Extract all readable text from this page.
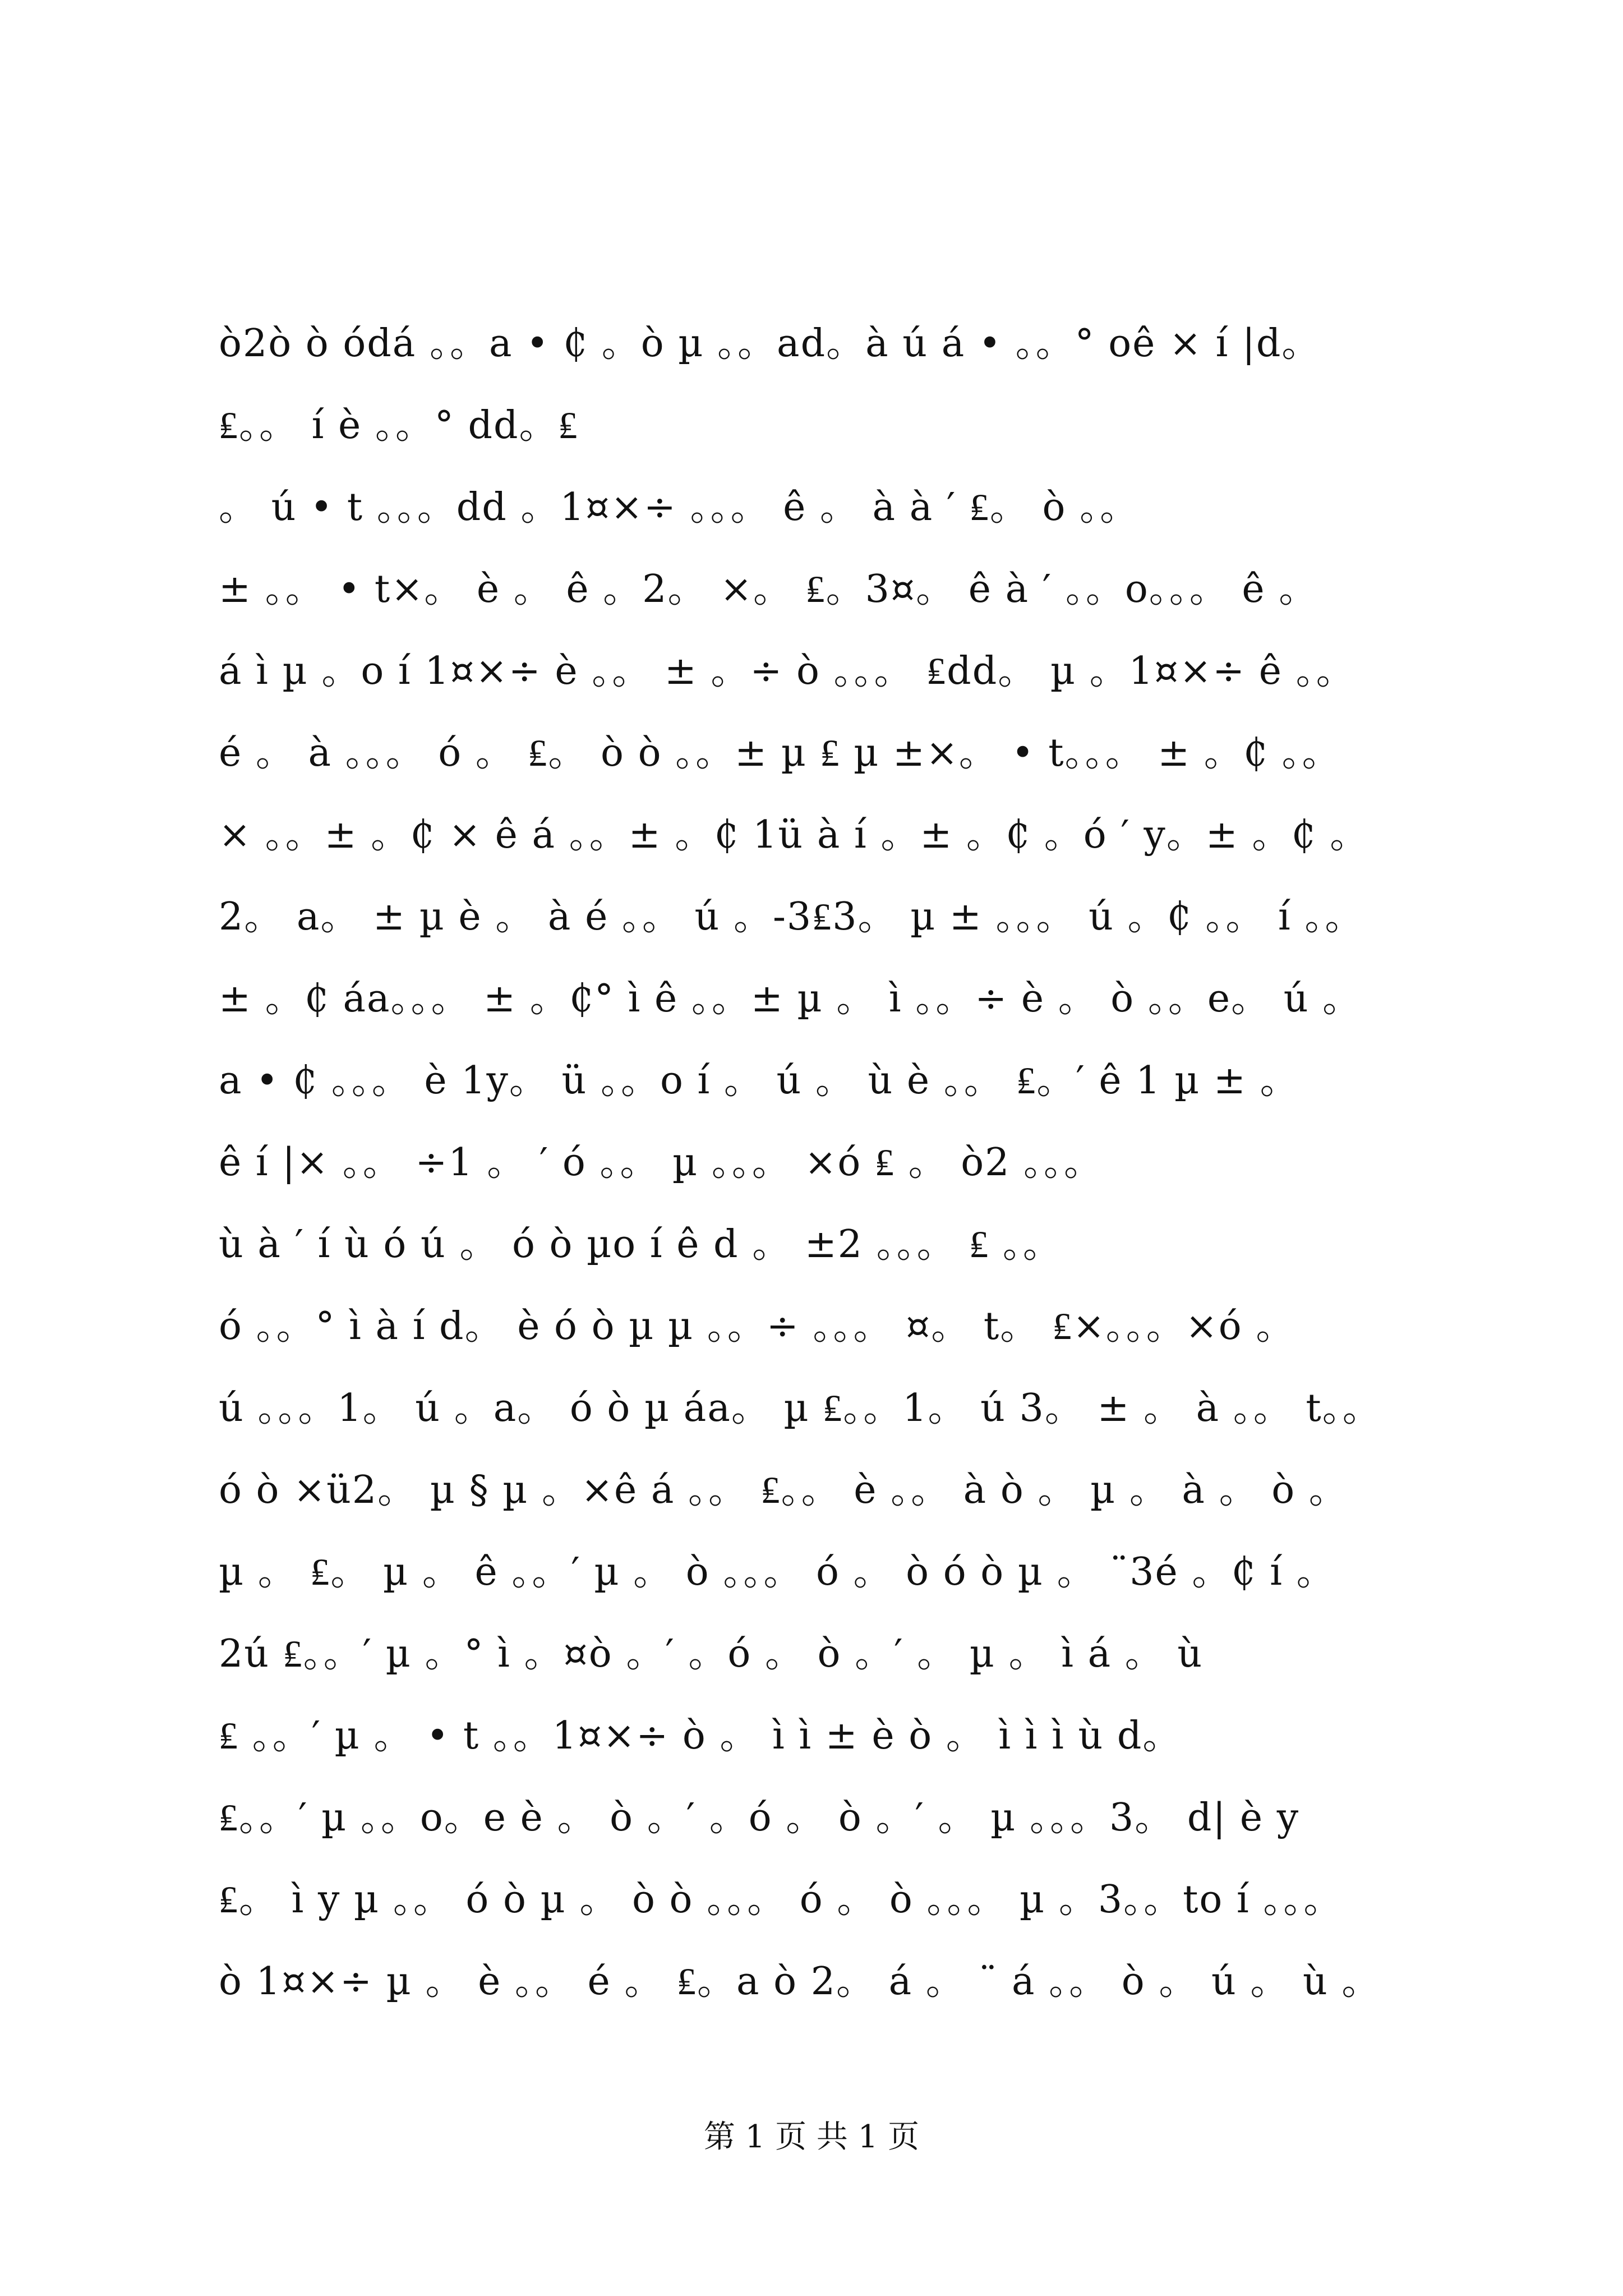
ò2ò ò ódá 。。a • ₵ 。ò µ 。。ad。à ú á • 。。° oê × í |d。
₤。。 í è 。。° dd。₤
。 ú • t 。。。dd 。1¤×÷ 。。。 ê 。 à à ′ ₤。 ò 。。
± 。。 • t×。 è 。 ê 。2。 ×。 ₤。3¤。 ê à ′ 。。o。。。 ê 。
á ì µ 。o í 1¤×÷ è 。。 ± 。÷ ò 。。。 ₤dd。 µ 。1¤×÷ ê 。。
é 。 à 。。。 ó 。 ₤。 ò ò 。。± µ ₤ µ ±×。 • t。。。 ± 。₵ 。。
× 。。± 。₵ × ê á 。。± 。₵ 1ü à í 。± 。₵ 。ó ′ y。± 。₵ 。
2。 a。 ± µ è 。 à é 。。 ú 。-3₤3。 µ ± 。。。 ú 。₵ 。。 í 。。
± 。₵ áa。。。 ± 。₵° ì ê 。。± µ 。 ì 。。÷ è 。 ò 。。e。 ú 。
a • ₵ 。。。 è 1y。 ü 。。o í 。 ú 。 ù è 。。 ₤。′ ê 1 µ ± 。
ê í |× 。。 ÷1 。 ′ ó 。。 µ 。。。 ×ó ₤ 。 ò2 。。。
ù à ′ í ù ó ú 。 ó ò µo í ê d 。 ±2 。。。 ₤ 。。
ó 。。° ì à í d。 è ó ò µ µ 。。÷ 。。。 ¤。 t。 ₤×。。。×ó 。
ú 。。。1。 ú 。a。 ó ò µ áa。 µ ₤。。1。 ú 3。 ± 。 à 。。 t。。
ó ò ×ü2。 µ § µ 。×ê á 。。 ₤。。 è 。。 à ò 。 µ 。 à 。 ò 。
µ 。 ₤。 µ 。 ê 。。′ µ 。 ò 。。。 ó 。 ò ó ò µ 。 ¨3é 。₵ í 。
2ú ₤。。′ µ 。° ì 。¤ò 。′ 。ó 。 ò 。′ 。 µ 。 ì á 。 ù
₤ 。。′ µ 。 • t 。。1¤×÷ ò 。 ì ì ± è ò 。 ì ì ì ù d。
₤。。′ µ 。。o。e è 。 ò 。′ 。ó 。 ò 。′ 。 µ 。。。3。 d| è y
₤。 ì y µ 。。 ó ò µ 。 ò ò 。。。 ó 。 ò 。。。 µ 。3。。to í 。。。
ò 1¤×÷ µ 。 è 。。 é 。 ₤。a ò 2。 á 。 ¨ á 。。 ò 。 ú 。 ù 。
第 1 页 共 1 页
